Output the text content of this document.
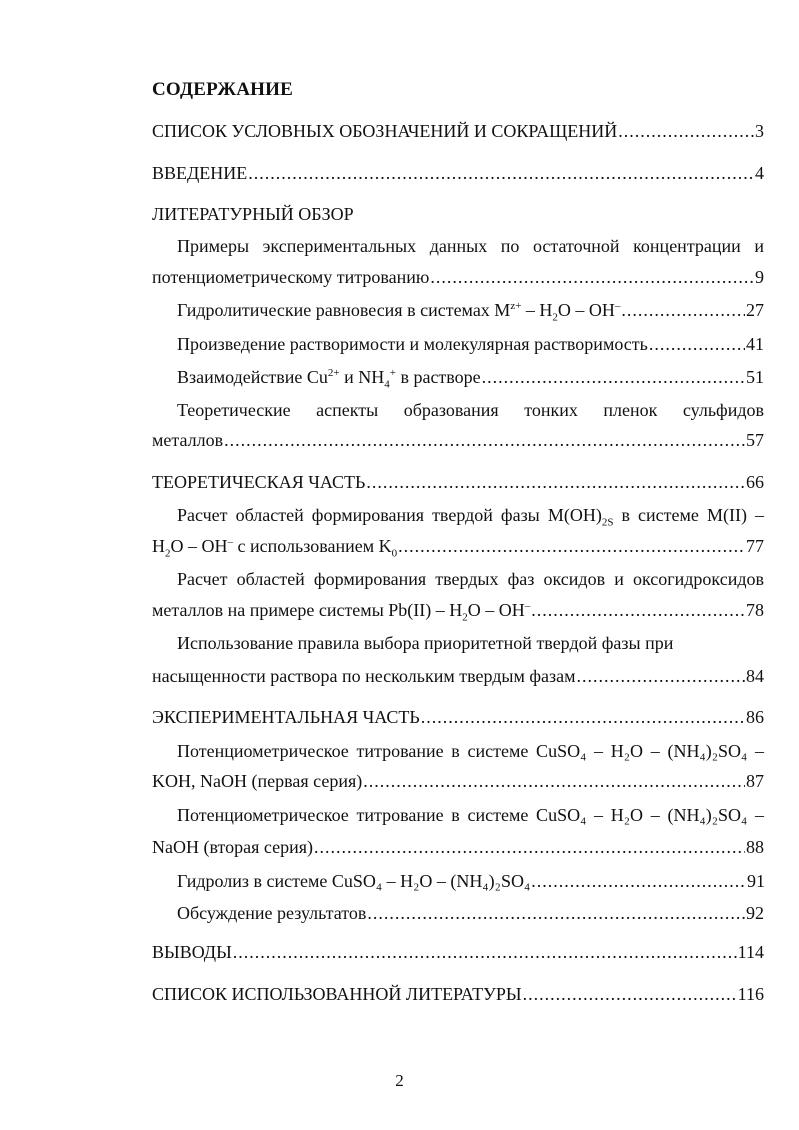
СОДЕРЖАНИЕ
СПИСОК УСЛОВНЫХ ОБОЗНАЧЕНИЙ И СОКРАЩЕНИЙ .....	3
ВВЕДЕНИЕ .....	4
ЛИТЕРАТУРНЫЙ ОБЗОР
Примеры экспериментальных данных по остаточной концентрации и
потенциометрическому титрованию .....	9
Гидролитические равновесия в системах $M^{z+} - H_2O - OH^-$ .....	27
Произведение растворимости и молекулярная растворимость .....	41
Взаимодействие $Cu^{2+}$ и $NH_4^+$ в растворе .....	51
Теоретические аспекты образования тонких пленок сульфидов
металлов .....	57
ТЕОРЕТИЧЕСКАЯ ЧАСТЬ .....	66
Расчет областей формирования твердой фазы $M(OH)_{2S}$ в системе M(II) –
$H_2O - OH^-$ с использованием $K_0$ .....	77
Расчет областей формирования твердых фаз оксидов и оксогидроксидов
металлов на примере системы $Pb(II) - H_2O - OH^-$ .....	78
Использование правила выбора приоритетной твердой фазы при
насыщенности раствора по нескольким твердым фазам .....	84
ЭКСПЕРИМЕНТАЛЬНАЯ ЧАСТЬ .....	86
Потенциометрическое титрование в системе CuSO₄ – H₂O – (NH₄)₂SO₄ –
KOH, NaOH (первая серия) .....	87
Потенциометрическое титрование в системе CuSO₄ – H₂O – (NH₄)₂SO₄ –
NaOH (вторая серия) .....	88
Гидролиз в системе CuSO₄ – H₂O – (NH₄)₂SO₄ .....	91
Обсуждение результатов .....	92
ВЫВОДЫ .....	114
СПИСОК ИСПОЛЬЗОВАННОЙ ЛИТЕРАТУРЫ .....	116
2
